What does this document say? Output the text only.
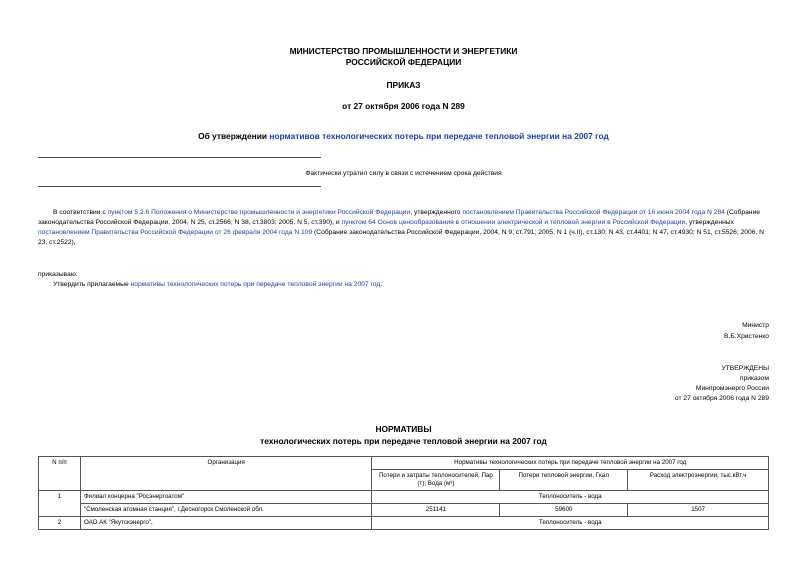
МИНИСТЕРСТВО ПРОМЫШЛЕННОСТИ И ЭНЕРГЕТИКИ
РОССИЙСКОЙ ФЕДЕРАЦИИ
ПРИКАЗ
от 27 октября 2006 года N 289
Об утверждении нормативов технологических потерь при передаче тепловой энергии на 2007 год
Фактически утратил силу в связи с истечением срока действия
В соответствии с пунктом 5.2.6 Положения о Министерстве промышленности и энергетики Российской Федерации, утвержденного постановлением Правительства Российской Федерации от 16 июня 2004 года N 284 (Собрание законодательства Российской Федерации, 2004, N 25, ст.2566; N 38, ст.3803; 2005, N 5, ст.390), и пунктом 64 Основ ценообразования в отношении электрической и тепловой энергии в Российской Федерации, утвержденных постановлением Правительства Российской Федерации от 26 февраля 2004 года N 109 (Собрание законодательства Российской Федерации, 2004, N 9, ст.791; 2005, N 1 (ч.II), ст.130; N 43, ст.4401; N 47, ст.4930; N 51, ст.5526; 2006, N 23, ст.2522),
приказываю:
Утвердить прилагаемые нормативы технологических потерь при передаче тепловой энергии на 2007 год.
Министр
В.Б.Христенко
УТВЕРЖДЕНЫ
приказом
Минпромэнерго России
от 27 октября 2006 года N 289
НОРМАТИВЫ
технологических потерь при передаче тепловой энергии на 2007 год
N п/п	Организация	Нормативы технологических потерь при передаче тепловой энергии на 2007 год		
		Потери и затраты теплоносителей, Пар (т); Вода (м³)	Потери тепловой энергии, Гкал	Расход электроэнергии, тыс.кВт.ч
1	Филиал концерна "Росэнергоатом"	Теплоноситель - вода		
	"Смоленская атомная станция", г.Десногорск Смоленской обл.	251141	59600	1507
2	ОАО АК "Якутскэнерго",	Теплоноситель - вода		
